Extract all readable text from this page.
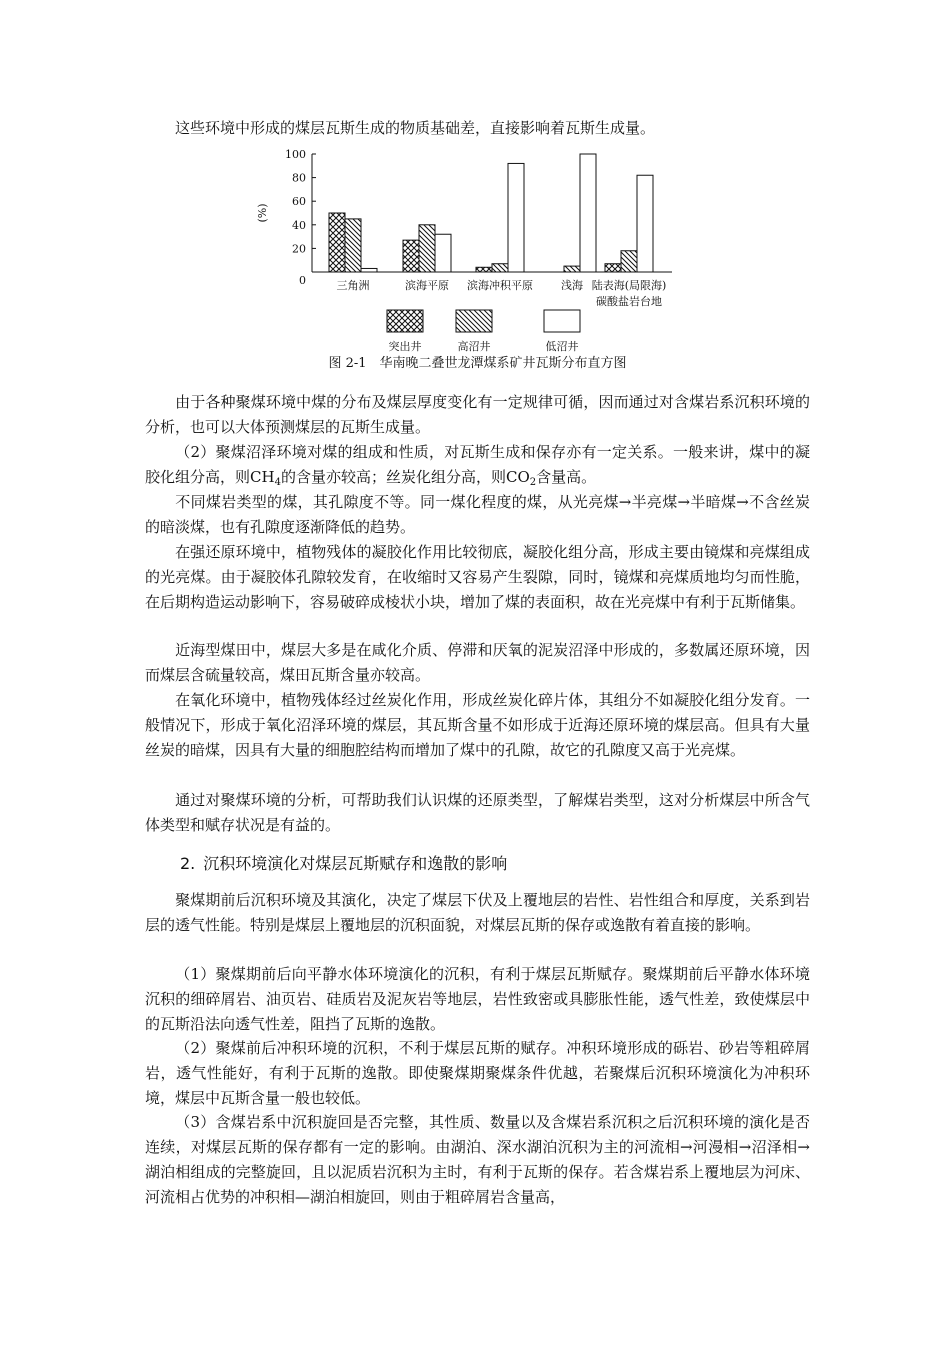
这些环境中形成的煤层瓦斯生成的物质基础差，直接影响着瓦斯生成量。

0
20
40
60
80
100
(%)
三角洲	滨海平原 滨海冲积平原	浅海 陆表海(局限海)
碳酸盐岩台地
突出井	高沼井	低沼井
图 2-1　华南晚二叠世龙潭煤系矿井瓦斯分布直方图

由于各种聚煤环境中煤的分布及煤层厚度变化有一定规律可循，因而通过对含煤岩系沉积环境的分析，也可以大体预测煤层的瓦斯生成量。

（2）聚煤沼泽环境对煤的组成和性质，对瓦斯生成和保存亦有一定关系。一般来讲，煤中的凝胶化组分高，则$CH_4$的含量亦较高；丝炭化组分高，则$CO_2$含量高。

不同煤岩类型的煤，其孔隙度不等。同一煤化程度的煤，从光亮煤→半亮煤→半暗煤→不含丝炭的暗淡煤，也有孔隙度逐渐降低的趋势。

在强还原环境中，植物残体的凝胶化作用比较彻底，凝胶化组分高，形成主要由镜煤和亮煤组成的光亮煤。由于凝胶体孔隙较发育，在收缩时又容易产生裂隙，同时，镜煤和亮煤质地均匀而性脆，在后期构造运动影响下，容易破碎成棱状小块，增加了煤的表面积，故在光亮煤中有利于瓦斯储集。

近海型煤田中，煤层大多是在咸化介质、停滞和厌氧的泥炭沼泽中形成的，多数属还原环境，因而煤层含硫量较高，煤田瓦斯含量亦较高。

在氧化环境中，植物残体经过丝炭化作用，形成丝炭化碎片体，其组分不如凝胶化组分发育。一般情况下，形成于氧化沼泽环境的煤层，其瓦斯含量不如形成于近海还原环境的煤层高。但具有大量丝炭的暗煤，因具有大量的细胞腔结构而增加了煤中的孔隙，故它的孔隙度又高于光亮煤。

通过对聚煤环境的分析，可帮助我们认识煤的还原类型，了解煤岩类型，这对分析煤层中所含气体类型和赋存状况是有益的。

2. 沉积环境演化对煤层瓦斯赋存和逸散的影响

聚煤期前后沉积环境及其演化，决定了煤层下伏及上覆地层的岩性、岩性组合和厚度，关系到岩层的透气性能。特别是煤层上覆地层的沉积面貌，对煤层瓦斯的保存或逸散有着直接的影响。

（1）聚煤期前后向平静水体环境演化的沉积，有利于煤层瓦斯赋存。聚煤期前后平静水体环境沉积的细碎屑岩、油页岩、硅质岩及泥灰岩等地层，岩性致密或具膨胀性能，透气性差，致使煤层中的瓦斯沿法向透气性差，阻挡了瓦斯的逸散。

（2）聚煤前后冲积环境的沉积，不利于煤层瓦斯的赋存。冲积环境形成的砾岩、砂岩等粗碎屑岩，透气性能好，有利于瓦斯的逸散。即使聚煤期聚煤条件优越，若聚煤后沉积环境演化为冲积环境，煤层中瓦斯含量一般也较低。

（3）含煤岩系中沉积旋回是否完整，其性质、数量以及含煤岩系沉积之后沉积环境的演化是否连续，对煤层瓦斯的保存都有一定的影响。由湖泊、深水湖泊沉积为主的河流相→河漫相→沼泽相→湖泊相组成的完整旋回，且以泥质岩沉积为主时，有利于瓦斯的保存。若含煤岩系上覆地层为河床、河流相占优势的冲积相—湖泊相旋回，则由于粗碎屑岩含量高，
